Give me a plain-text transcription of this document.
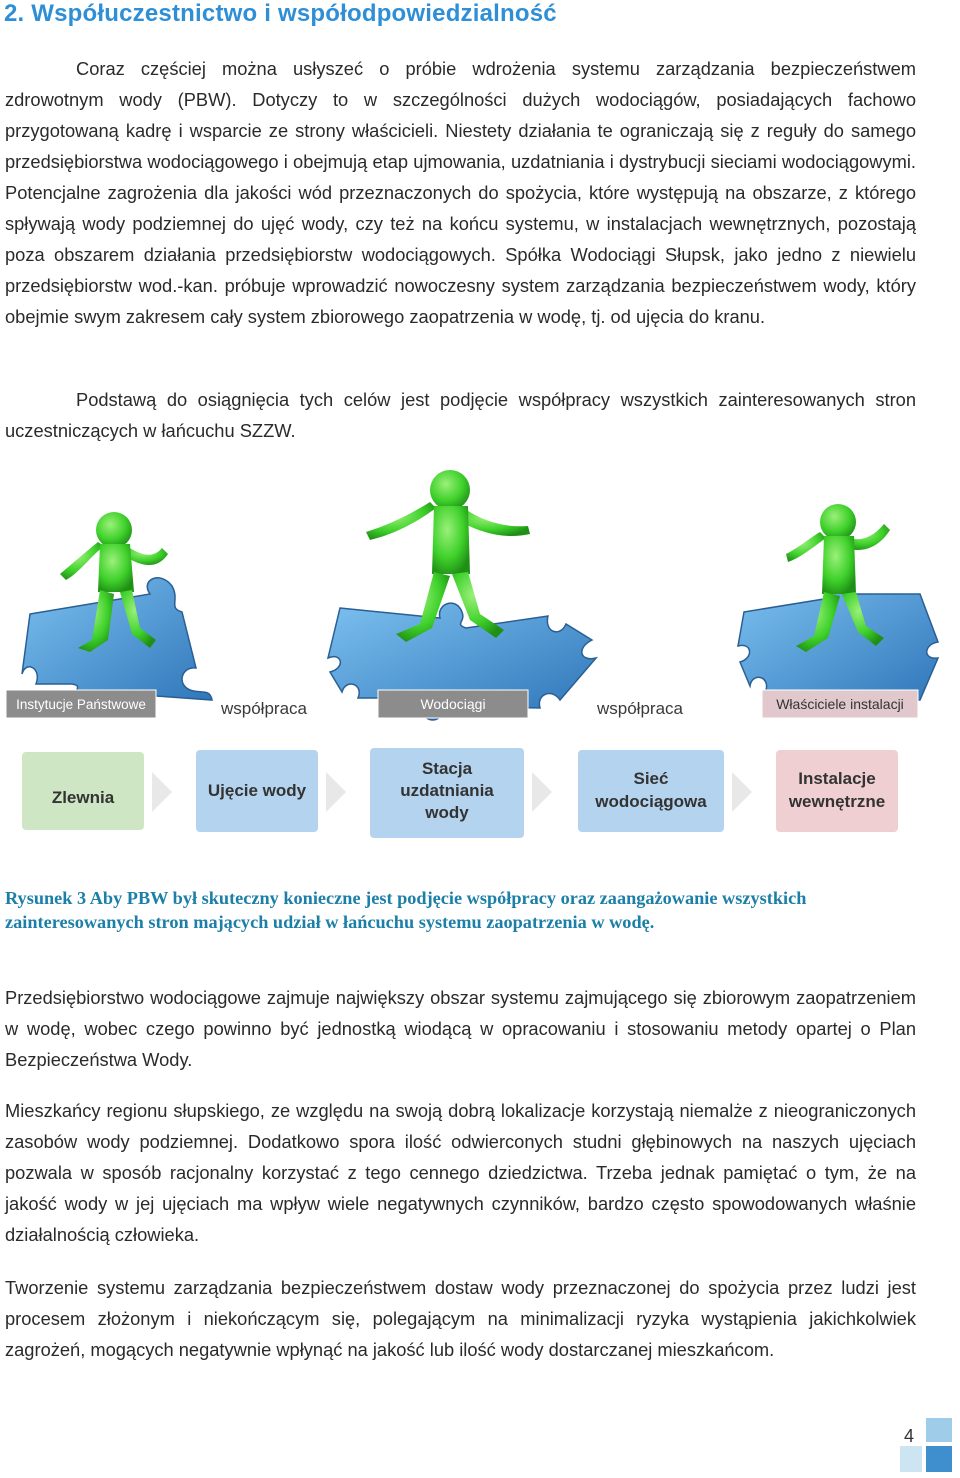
2. Współuczestnictwo i współodpowiedzialność
Coraz częściej można usłyszeć o próbie wdrożenia systemu zarządzania bezpieczeństwem zdrowotnym wody (PBW). Dotyczy to w szczególności dużych wodociągów, posiadających fachowo przygotowaną kadrę i wsparcie ze strony właścicieli. Niestety działania te ograniczają się z reguły do samego przedsiębiorstwa wodociągowego i obejmują etap ujmowania, uzdatniania i dystrybucji sieciami wodociągowymi. Potencjalne zagrożenia dla jakości wód przeznaczonych do spożycia, które występują na obszarze, z którego spływają wody podziemnej do ujęć wody, czy też na końcu systemu, w instalacjach wewnętrznych, pozostają poza obszarem działania przedsiębiorstw wodociągowych. Spółka Wodociągi Słupsk, jako jedno z niewielu przedsiębiorstw wod.-kan. próbuje wprowadzić nowoczesny system zarządzania bezpieczeństwem wody, który obejmie swym zakresem cały system zbiorowego zaopatrzenia w wodę, tj. od ujęcia do kranu.
Podstawą do osiągnięcia tych celów jest podjęcie współpracy wszystkich zainteresowanych stron uczestniczących w łańcuchu SZZW.
Instytucje Państwowe	współpraca	Wodociągi	współpraca	Właściciele instalacji
Zlewnia	Ujęcie wody
Stacja
uzdatniania
wody
Sieć
wodociągowa
Instalacje
wewnętrzne
Rysunek 3 Aby PBW był skuteczny konieczne jest podjęcie współpracy oraz zaangażowanie wszystkich zainteresowanych stron mających udział w łańcuchu systemu zaopatrzenia w wodę.
Przedsiębiorstwo wodociągowe zajmuje największy obszar systemu zajmującego się zbiorowym zaopatrzeniem w wodę, wobec czego powinno być jednostką wiodącą w opracowaniu i stosowaniu metody opartej o Plan Bezpieczeństwa Wody.
Mieszkańcy regionu słupskiego, ze względu na swoją dobrą lokalizacje korzystają niemalże z nieograniczonych zasobów wody podziemnej. Dodatkowo spora ilość odwierconych studni głębinowych na naszych ujęciach pozwala w sposób racjonalny korzystać z tego cennego dziedzictwa. Trzeba jednak pamiętać o tym, że na jakość wody w jej ujęciach ma wpływ wiele negatywnych czynników, bardzo często spowodowanych właśnie działalnością człowieka.
Tworzenie systemu zarządzania bezpieczeństwem dostaw wody przeznaczonej do spożycia przez ludzi jest procesem złożonym i niekończącym się, polegającym na minimalizacji ryzyka wystąpienia jakichkolwiek zagrożeń, mogących negatywnie wpłynąć na jakość lub ilość wody dostarczanej mieszkańcom.
4
